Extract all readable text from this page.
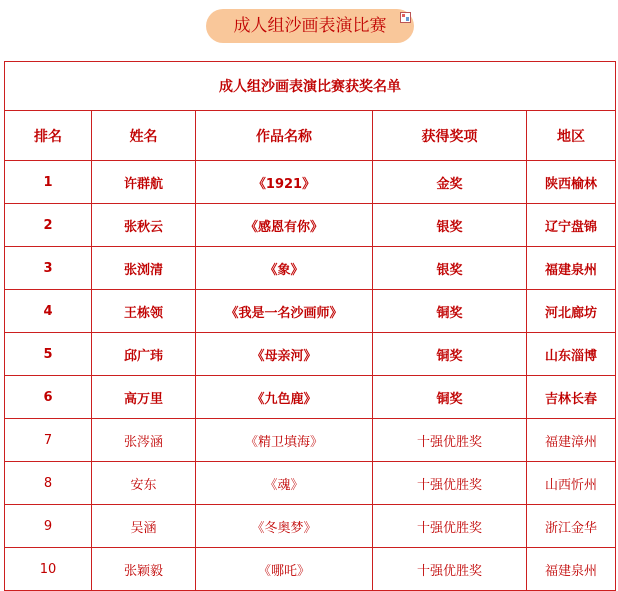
成人组沙画表演比赛
成人组沙画表演比赛获奖名单				
排名	姓名	作品名称	获得奖项	地区
1	许群航	《1921》	金奖	陕西榆林
2	张秋云	《感恩有你》	银奖	辽宁盘锦
3	张浏清	《象》	银奖	福建泉州
4	王栋领	《我是一名沙画师》	铜奖	河北廊坊
5	邱广玮	《母亲河》	铜奖	山东淄博
6	高万里	《九色鹿》	铜奖	吉林长春
7	张涔涵	《精卫填海》	十强优胜奖	福建漳州
8	安东	《魂》	十强优胜奖	山西忻州
9	吴涵	《冬奥梦》	十强优胜奖	浙江金华
10	张颖毅	《哪吒》	十强优胜奖	福建泉州
